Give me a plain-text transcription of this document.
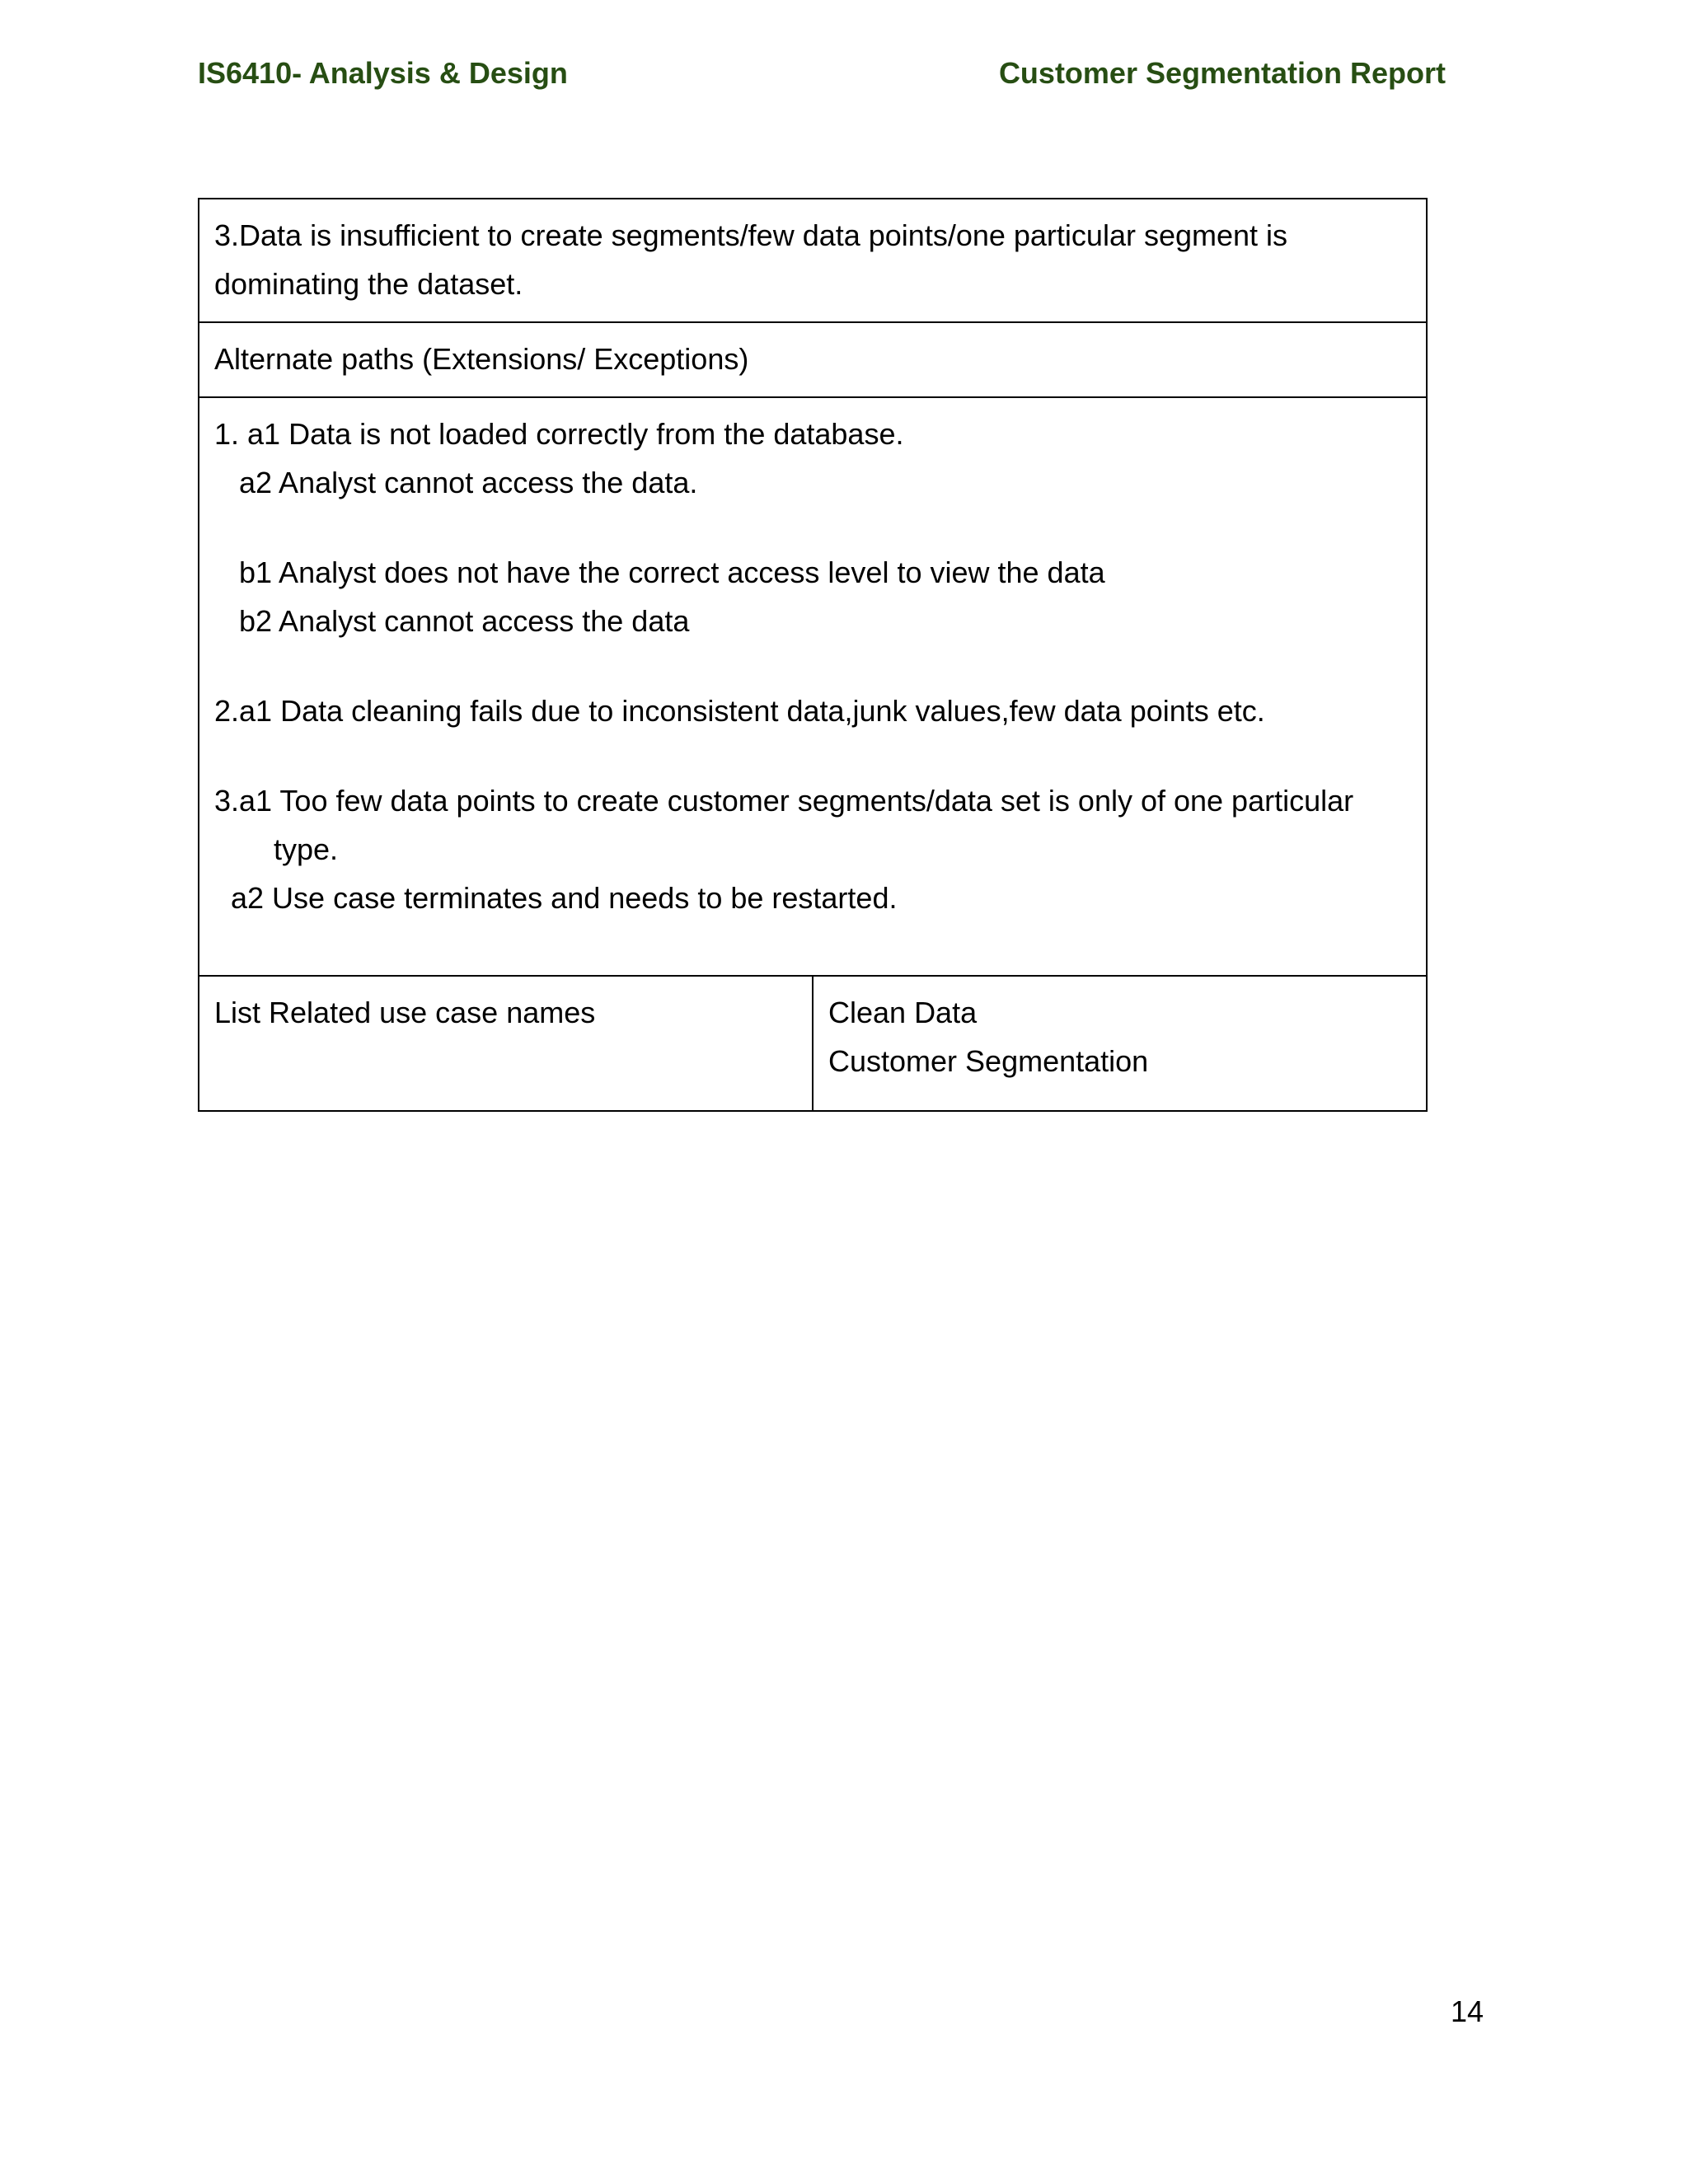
IS6410- Analysis & Design	Customer Segmentation Report
3.Data is insufficient to create segments/few data points/one particular segment is
dominating the dataset.

Alternate paths (Extensions/ Exceptions)

1. a1 Data is not loaded correctly from the database.
a2 Analyst cannot access the data.
b1 Analyst does not have the correct access level to view the data
b2 Analyst cannot access the data
2.a1 Data cleaning fails due to inconsistent data,junk values,few data points etc.
3.a1 Too few data points to create customer segments/data set is only of one particular
type.
a2 Use case terminates and needs to be restarted.

List Related use case names	Clean Data
Customer Segmentation
14
